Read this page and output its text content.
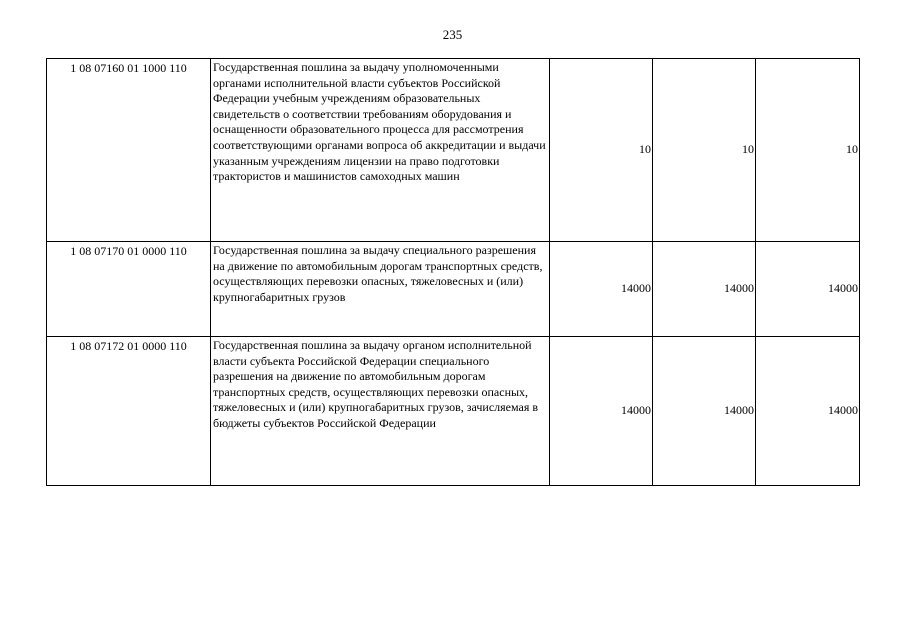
235
1 08 07160 01 1000 110	Государственная пошлина за выдачу уполномоченными органами исполнительной власти субъектов Российской Федерации учебным учреждениям образовательных свидетельств о соответствии требованиям оборудования и оснащенности образовательного процесса для рассмотрения соответствующими органами вопроса об аккредитации и выдачи указанным учреждениям лицензии на право подготовки трактористов и машинистов самоходных машин	10	10	10
1 08 07170 01 0000 110	Государственная пошлина за выдачу специального разрешения на движение по автомобильным дорогам транспортных средств, осуществляющих перевозки опасных, тяжеловесных и (или) крупногабаритных грузов	14000	14000	14000
1 08 07172 01 0000 110	Государственная пошлина за выдачу органом исполнительной власти субъекта Российской Федерации специального разрешения на движение по автомобильным дорогам транспортных средств, осуществляющих перевозки опасных, тяжеловесных и (или) крупногабаритных грузов, зачисляемая в бюджеты субъектов Российской Федерации	14000	14000	14000
